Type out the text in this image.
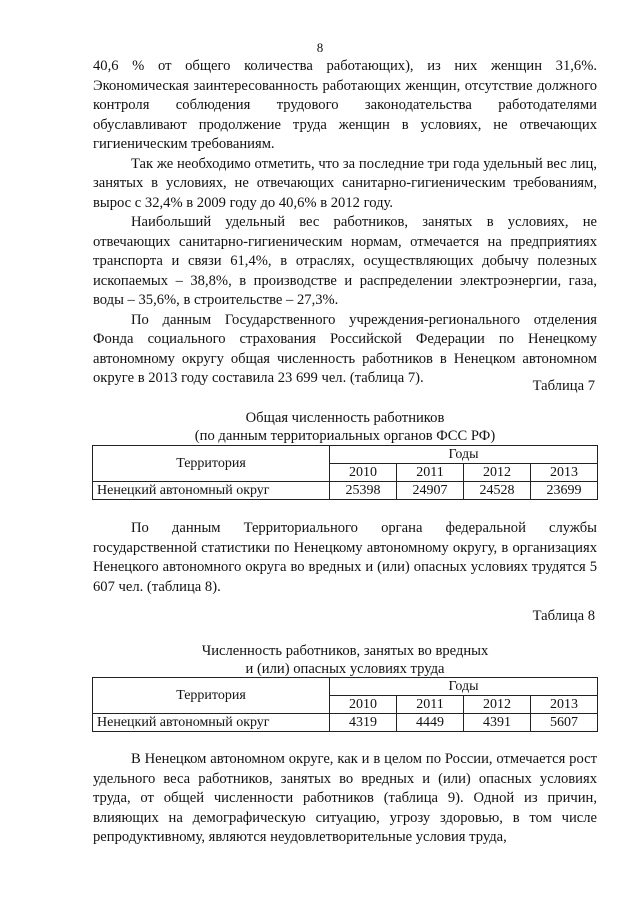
8

40,6 % от общего количества работающих), из них женщин 31,6%. Экономическая заинтересованность работающих женщин, отсутствие должного контроля соблюдения трудового законодательства работодателями обуславливают продолжение труда женщин в условиях, не отвечающих гигиеническим требованиям.

Так же необходимо отметить, что за последние три года удельный вес лиц, занятых в условиях, не отвечающих санитарно-гигиеническим требованиям, вырос с 32,4% в 2009 году до 40,6% в 2012 году.

Наибольший удельный вес работников, занятых в условиях, не отвечающих санитарно-гигиеническим нормам, отмечается на предприятиях транспорта и связи 61,4%, в отраслях, осуществляющих добычу полезных ископаемых – 38,8%, в производстве и распределении электроэнергии, газа, воды – 35,6%, в строительстве – 27,3%.

По данным Государственного учреждения-регионального отделения Фонда социального страхования Российской Федерации по Ненецкому автономному округу общая численность работников в Ненецком автономном округе в 2013 году составила 23 699 чел. (таблица 7).	Таблица 7
Общая численность работников
(по данным территориальных органов ФСС РФ)
Территория	Годы			
	2010	2011	2012	2013
Ненецкий автономный округ	25398	24907	24528	23699

По данным Территориального органа федеральной службы государственной статистики по Ненецкому автономному округу, в организациях Ненецкого автономного округа во вредных и (или) опасных условиях трудятся 5 607 чел. (таблица 8).

Таблица 8
Численность работников, занятых во вредных
и (или) опасных условиях труда
Территория	Годы			
	2010	2011	2012	2013
Ненецкий автономный округ	4319	4449	4391	5607

В Ненецком автономном округе, как и в целом по России, отмечается рост удельного веса работников, занятых во вредных и (или) опасных условиях труда, от общей численности работников (таблица 9). Одной из причин, влияющих на демографическую ситуацию, угрозу здоровью, в том числе репродуктивному, являются неудовлетворительные условия труда,
